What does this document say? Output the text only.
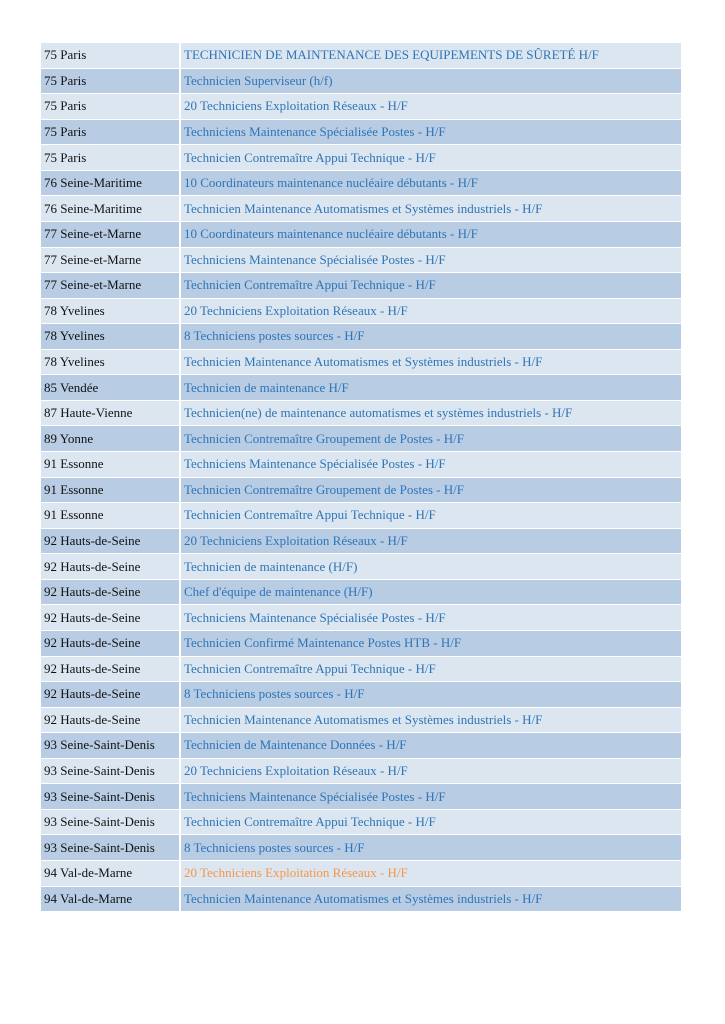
75 Paris	TECHNICIEN DE MAINTENANCE DES EQUIPEMENTS DE SÛRETÉ H/F
75 Paris	Technicien Superviseur (h/f)
75 Paris	20 Techniciens Exploitation Réseaux - H/F
75 Paris	Techniciens Maintenance Spécialisée Postes - H/F
75 Paris	Technicien Contremaître Appui Technique - H/F
76 Seine-Maritime	10 Coordinateurs maintenance nucléaire débutants - H/F
76 Seine-Maritime	Technicien Maintenance Automatismes et Systèmes industriels - H/F
77 Seine-et-Marne	10 Coordinateurs maintenance nucléaire débutants - H/F
77 Seine-et-Marne	Techniciens Maintenance Spécialisée Postes - H/F
77 Seine-et-Marne	Technicien Contremaître Appui Technique - H/F
78 Yvelines	20 Techniciens Exploitation Réseaux - H/F
78 Yvelines	8 Techniciens postes sources - H/F
78 Yvelines	Technicien Maintenance Automatismes et Systèmes industriels - H/F
85 Vendée	Technicien de maintenance H/F
87 Haute-Vienne	Technicien(ne) de maintenance automatismes et systèmes industriels - H/F
89 Yonne	Technicien Contremaître Groupement de Postes - H/F
91 Essonne	Techniciens Maintenance Spécialisée Postes - H/F
91 Essonne	Technicien Contremaître Groupement de Postes - H/F
91 Essonne	Technicien Contremaître Appui Technique - H/F
92 Hauts-de-Seine	20 Techniciens Exploitation Réseaux - H/F
92 Hauts-de-Seine	Technicien de maintenance (H/F)
92 Hauts-de-Seine	Chef d'équipe de maintenance (H/F)
92 Hauts-de-Seine	Techniciens Maintenance Spécialisée Postes - H/F
92 Hauts-de-Seine	Technicien Confirmé Maintenance Postes HTB - H/F
92 Hauts-de-Seine	Technicien Contremaître Appui Technique - H/F
92 Hauts-de-Seine	8 Techniciens postes sources - H/F
92 Hauts-de-Seine	Technicien Maintenance Automatismes et Systèmes industriels - H/F
93 Seine-Saint-Denis	Technicien de Maintenance Données - H/F
93 Seine-Saint-Denis	20 Techniciens Exploitation Réseaux - H/F
93 Seine-Saint-Denis	Techniciens Maintenance Spécialisée Postes - H/F
93 Seine-Saint-Denis	Technicien Contremaître Appui Technique - H/F
93 Seine-Saint-Denis	8 Techniciens postes sources - H/F
94 Val-de-Marne	20 Techniciens Exploitation Réseaux - H/F
94 Val-de-Marne	Technicien Maintenance Automatismes et Systèmes industriels - H/F
